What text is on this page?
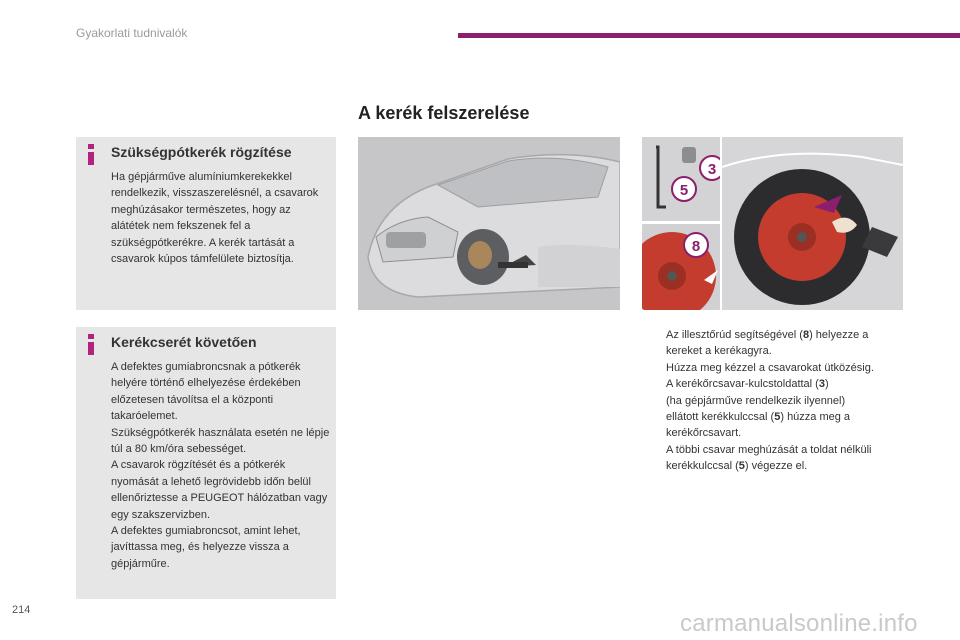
Gyakorlati tudnivalók
A kerék felszerelése
Szükségpótkerék rögzítése
Ha gépjárműve alumíniumkerekekkel rendelkezik, visszaszerelésnél, a csavarok meghúzásakor természetes, hogy az alátétek nem fekszenek fel a szükségpótkerékre. A kerék tartását a csavarok kúpos támfelülete biztosítja.
Kerékcserét követően
A defektes gumiabroncsnak a pótkerék helyére történő elhelyezése érdekében előzetesen távolítsa el a központi takaróelemet.
Szükségpótkerék használata esetén ne lépje túl a 80 km/óra sebességet.
A csavarok rögzítését és a pótkerék nyomását a lehető legrövidebb időn belül ellenőriztesse a PEUGEOT hálózatban vagy egy szakszervizben.
A defektes gumiabroncsot, amint lehet, javíttassa meg, és helyezze vissza a gépjárműre.
3
5
8
Az illesztőrúd segítségével (8) helyezze a
kereket a kerékagyra.
Húzza meg kézzel a csavarokat ütközésig.
A kerékőrcsavar-kulcstoldattal (3)
(ha gépjárműve rendelkezik ilyennel)
ellátott kerékkulccsal (5) húzza meg a
kerékőrcsavart.
A többi csavar meghúzását a toldat nélküli
kerékkulccsal (5) végezze el.
214	carmanualsonline.info
